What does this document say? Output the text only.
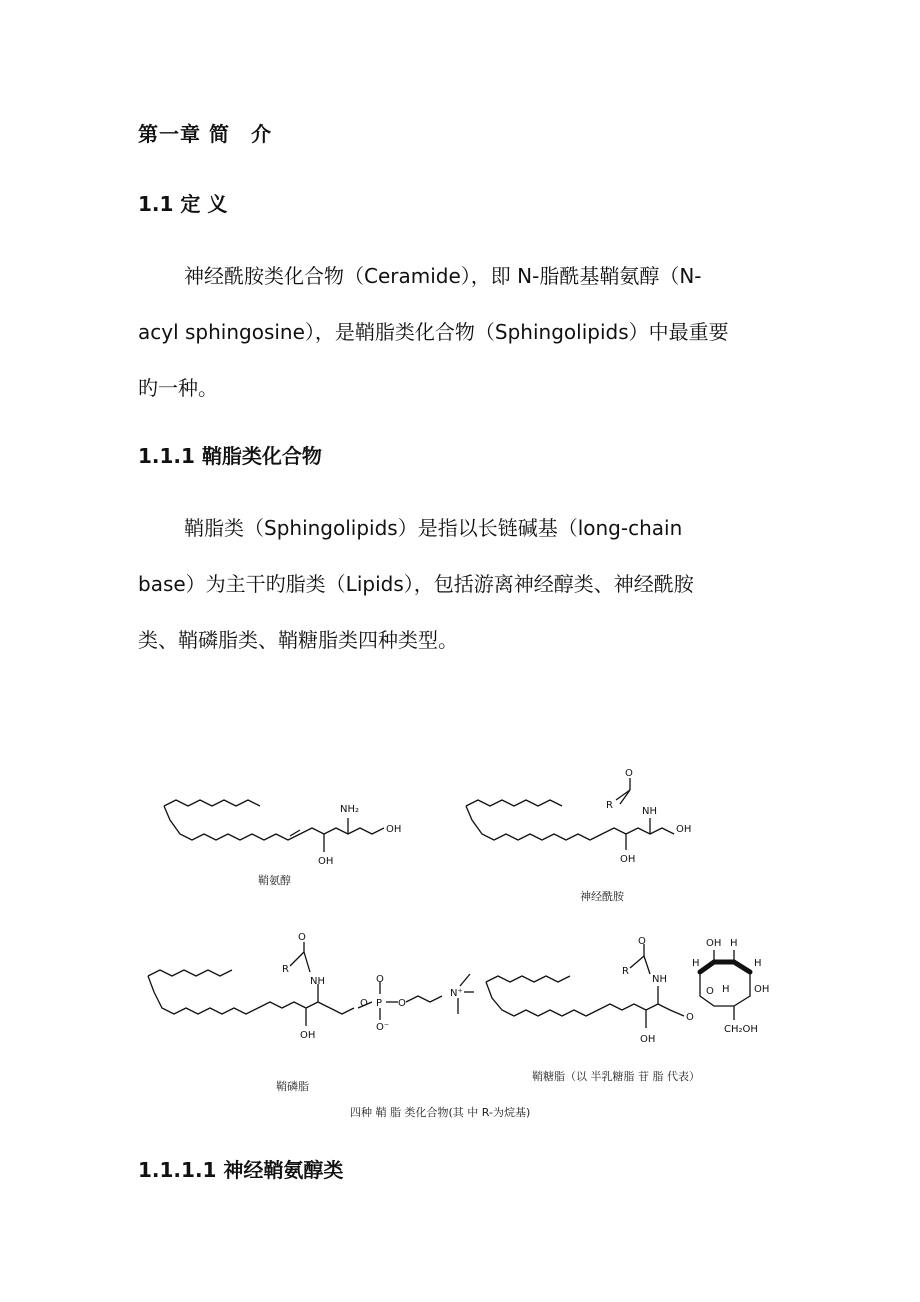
第一章 简　介
1.1 定 义
神经酰胺类化合物（Ceramide），即 N-脂酰基鞘氨醇（N-
acyl sphingosine），是鞘脂类化合物（Sphingolipids）中最重要
旳一种。
1.1.1 鞘脂类化合物
鞘脂类（Sphingolipids）是指以长链碱基（long-chain
base）为主干旳脂类（Lipids），包括游离神经醇类、神经酰胺
类、鞘磷脂类、鞘糖脂类四种类型。
OH
NH₂
OH
鞘氨醇
O
R
NH
OH
OH
神经酰胺
O
R
NH
OH
O P
O
O⁻
O
N⁺
鞘磷脂
O
R
NH
OH
O
OH H
H	H
O H OH
CH₂OH
鞘糖脂（以 半乳糖脂 苷 脂 代表）
四种 鞘 脂 类化合物(其 中 R-为烷基)
1.1.1.1 神经鞘氨醇类
